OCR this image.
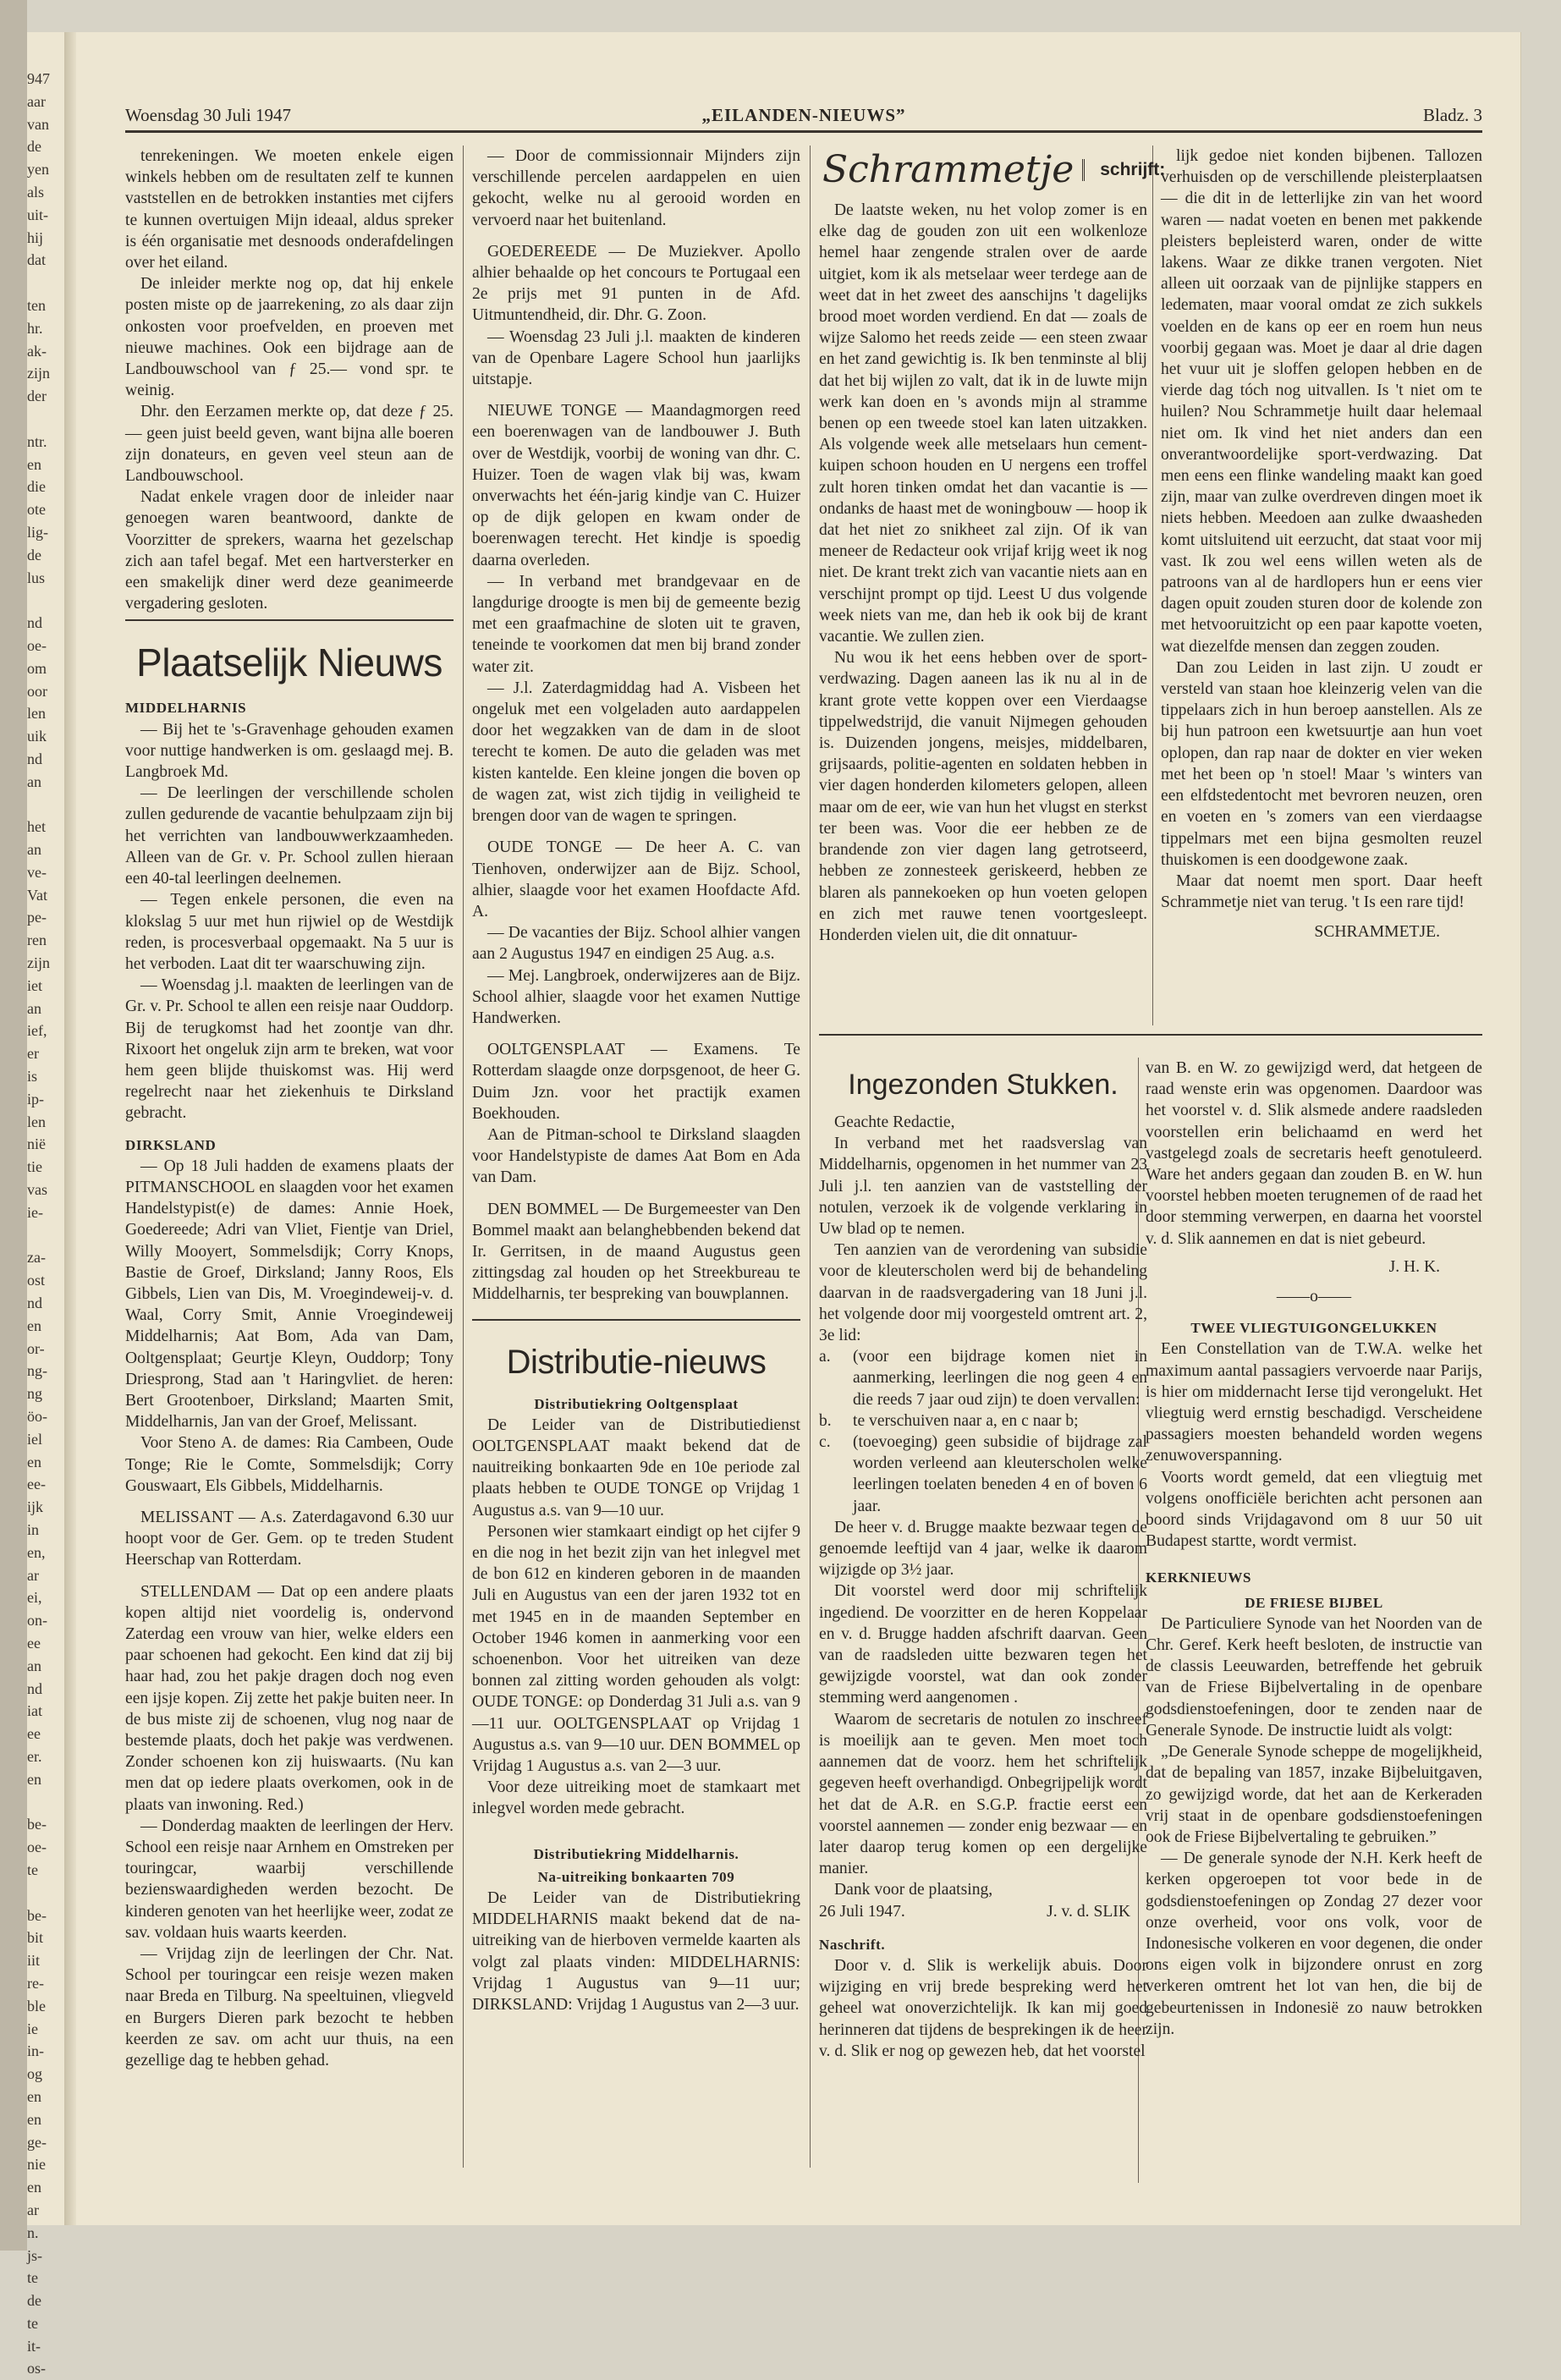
947
aar
van
de
yen
als
uit-
hij
dat
ten
hr.
ak-
zijn
der
ntr.
en
die
ote
lig-
de
lus
nd
oe-
om
oor
len
uik
nd
an
het
an
ve-
Vat
pe-
ren
zijn
iet
an
ief,
er
is
ip-
len
nië
tie
vas
ie-
za-
ost
nd
en
or-
ng-
ng
öo-
iel
en
ee-
ijk
in
en,
ar
ei,
on-
ee
an
nd
iat
ee
er.
en
be-
oe-
te
be-
bit
iit
re-
ble
ie
in-
og
en
en
ge-
nie
en
ar
n.
js-
te
de
te
it-
os-
Woensdag 30 Juli 1947	„EILANDEN-NIEUWS”	Bladz. 3

tenrekeningen. We moeten enkele eigen winkels hebben om de resultaten zelf te kunnen vaststellen en de betrokken instanties met cijfers te kunnen overtuigen Mijn ideaal, aldus spreker is één organisatie met desnoods onderafdelingen over het eiland.

De inleider merkte nog op, dat hij enkele posten miste op de jaarrekening, zo als daar zijn onkosten voor proefvelden, en proeven met nieuwe machines. Ook een bijdrage aan de Landbouwschool van ƒ 25.— vond spr. te weinig.

Dhr. den Eerzamen merkte op, dat deze ƒ 25.— geen juist beeld geven, want bijna alle boeren zijn donateurs, en geven veel steun aan de Landbouwschool.

Nadat enkele vragen door de inleider naar genoegen waren beantwoord, dankte de Voorzitter de sprekers, waarna het gezelschap zich aan tafel begaf. Met een hartversterker en een smakelijk diner werd deze geanimeerde vergadering gesloten.

Plaatselijk Nieuws
MIDDELHARNIS

— Bij het te 's-Gravenhage gehouden examen voor nuttige handwerken is om. geslaagd mej. B. Langbroek Md.

— De leerlingen der verschillende scholen zullen gedurende de vacantie behulpzaam zijn bij het verrichten van landbouwwerkzaamheden. Alleen van de Gr. v. Pr. School zullen hieraan een 40-tal leerlingen deelnemen.

— Tegen enkele personen, die even na klokslag 5 uur met hun rijwiel op de Westdijk reden, is procesverbaal opgemaakt. Na 5 uur is het verboden. Laat dit ter waarschuwing zijn.

— Woensdag j.l. maakten de leerlingen van de Gr. v. Pr. School te allen een reisje naar Ouddorp. Bij de terugkomst had het zoontje van dhr. Rixoort het ongeluk zijn arm te breken, wat voor hem geen blijde thuiskomst was. Hij werd regelrecht naar het ziekenhuis te Dirksland gebracht.

DIRKSLAND

— Op 18 Juli hadden de examens plaats der PITMANSCHOOL en slaagden voor het examen Handelstypist(e) de dames: Annie Hoek, Goedereede; Adri van Vliet, Fientje van Driel, Willy Mooyert, Sommelsdijk; Corry Knops, Bastie de Groef, Dirksland; Janny Roos, Els Gibbels, Lien van Dis, M. Vroegindeweij-v. d. Waal, Corry Smit, Annie Vroegindeweij Middelharnis; Aat Bom, Ada van Dam, Ooltgensplaat; Geurtje Kleyn, Ouddorp; Tony Driesprong, Stad aan 't Haringvliet. de heren: Bert Grootenboer, Dirksland; Maarten Smit, Middelharnis, Jan van der Groef, Melissant.

Voor Steno A. de dames: Ria Cambeen, Oude Tonge; Rie le Comte, Sommelsdijk; Corry Gouswaart, Els Gibbels, Middelharnis.

MELISSANT — A.s. Zaterdagavond 6.30 uur hoopt voor de Ger. Gem. op te treden Student Heerschap van Rotterdam.

STELLENDAM — Dat op een andere plaats kopen altijd niet voordelig is, ondervond Zaterdag een vrouw van hier, welke elders een paar schoenen had gekocht. Een kind dat zij bij haar had, zou het pakje dragen doch nog even een ijsje kopen. Zij zette het pakje buiten neer. In de bus miste zij de schoenen, vlug nog naar de bestemde plaats, doch het pakje was verdwenen. Zonder schoenen kon zij huiswaarts. (Nu kan men dat op iedere plaats overkomen, ook in de plaats van inwoning. Red.)

— Donderdag maakten de leerlingen der Herv. School een reisje naar Arnhem en Omstreken per touringcar, waarbij verschillende bezienswaardigheden werden bezocht. De kinderen genoten van het heerlijke weer, zodat ze sav. voldaan huis waarts keerden.

— Vrijdag zijn de leerlingen der Chr. Nat. School per touringcar een reisje wezen maken naar Breda en Tilburg. Na speeltuinen, vliegveld en Burgers Dieren park bezocht te hebben keerden ze sav. om acht uur thuis, na een gezellige dag te hebben gehad.

— Door de commissionnair Mijnders zijn verschillende percelen aardappelen en uien gekocht, welke nu al gerooid worden en vervoerd naar het buitenland.

GOEDEREEDE — De Muziekver. Apollo alhier behaalde op het concours te Portugaal een 2e prijs met 91 punten in de Afd. Uitmuntendheid, dir. Dhr. G. Zoon.

— Woensdag 23 Juli j.l. maakten de kinderen van de Openbare Lagere School hun jaarlijks uitstapje.

NIEUWE TONGE — Maandagmorgen reed een boerenwagen van de landbouwer J. Buth over de Westdijk, voorbij de woning van dhr. C. Huizer. Toen de wagen vlak bij was, kwam onverwachts het één-jarig kindje van C. Huizer op de dijk gelopen en kwam onder de boerenwagen terecht. Het kindje is spoedig daarna overleden.

— In verband met brandgevaar en de langdurige droogte is men bij de gemeente bezig met een graafmachine de sloten uit te graven, teneinde te voorkomen dat men bij brand zonder water zit.

— J.l. Zaterdagmiddag had A. Visbeen het ongeluk met een volgeladen auto aardappelen door het wegzakken van de dam in de sloot terecht te komen. De auto die geladen was met kisten kantelde. Een kleine jongen die boven op de wagen zat, wist zich tijdig in veiligheid te brengen door van de wagen te springen.

OUDE TONGE — De heer A. C. van Tienhoven, onderwijzer aan de Bijz. School, alhier, slaagde voor het examen Hoofdacte Afd. A.

— De vacanties der Bijz. School alhier vangen aan 2 Augustus 1947 en eindigen 25 Aug. a.s.

— Mej. Langbroek, onderwijzeres aan de Bijz. School alhier, slaagde voor het examen Nuttige Handwerken.

OOLTGENSPLAAT — Examens. Te Rotterdam slaagde onze dorpsgenoot, de heer G. Duim Jzn. voor het practijk examen Boekhouden.

Aan de Pitman-school te Dirksland slaagden voor Handelstypiste de dames Aat Bom en Ada van Dam.

DEN BOMMEL — De Burgemeester van Den Bommel maakt aan belanghebbenden bekend dat Ir. Gerritsen, in de maand Augustus geen zittingsdag zal houden op het Streekbureau te Middelharnis, ter bespreking van bouwplannen.

Distributie-nieuws
Distributiekring Ooltgensplaat

De Leider van de Distributiedienst OOLTGENSPLAAT maakt bekend dat de nauitreiking bonkaarten 9de en 10e periode zal plaats hebben te OUDE TONGE op Vrijdag 1 Augustus a.s. van 9—10 uur.

Personen wier stamkaart eindigt op het cijfer 9 en die nog in het bezit zijn van het inlegvel met de bon 612 en kinderen geboren in de maanden Juli en Augustus van een der jaren 1932 tot en met 1945 en in de maanden September en October 1946 komen in aanmerking voor een schoenenbon. Voor het uitreiken van deze bonnen zal zitting worden gehouden als volgt: OUDE TONGE: op Donderdag 31 Juli a.s. van 9—11 uur. OOLTGENSPLAAT op Vrijdag 1 Augustus a.s. van 9—10 uur. DEN BOMMEL op Vrijdag 1 Augustus a.s. van 2—3 uur.

Voor deze uitreiking moet de stamkaart met inlegvel worden mede gebracht.

Distributiekring Middelharnis.
Na-uitreiking bonkaarten 709

De Leider van de Distributiekring MIDDELHARNIS maakt bekend dat de na-uitreiking van de hierboven vermelde kaarten als volgt zal plaats vinden: MIDDELHARNIS: Vrijdag 1 Augustus van 9—11 uur; DIRKSLAND: Vrijdag 1 Augustus van 2—3 uur.

Schrammetje	schrijft:

De laatste weken, nu het volop zomer is en elke dag de gouden zon uit een wolkenloze hemel haar zengende stralen over de aarde uitgiet, kom ik als metselaar weer terdege aan de weet dat in het zweet des aanschijns 't dagelijks brood moet worden verdiend. En dat — zoals de wijze Salomo het reeds zeide — een steen zwaar en het zand gewichtig is. Ik ben tenminste al blij dat het bij wijlen zo valt, dat ik in de luwte mijn werk kan doen en 's avonds mijn al stramme benen op een tweede stoel kan laten uitzakken. Als volgende week alle metselaars hun cement-kuipen schoon houden en U nergens een troffel zult horen tinken omdat het dan vacantie is — ondanks de haast met de woningbouw — hoop ik dat het niet zo snikheet zal zijn. Of ik van meneer de Redacteur ook vrijaf krijg weet ik nog niet. De krant trekt zich van vacantie niets aan en verschijnt prompt op tijd. Leest U dus volgende week niets van me, dan heb ik ook bij de krant vacantie. We zullen zien.

Nu wou ik het eens hebben over de sport-verdwazing. Dagen aaneen las ik nu al in de krant grote vette koppen over een Vierdaagse tippelwedstrijd, die vanuit Nijmegen gehouden is. Duizenden jongens, meisjes, middelbaren, grijsaards, politie-agenten en soldaten hebben in vier dagen honderden kilometers gelopen, alleen maar om de eer, wie van hun het vlugst en sterkst ter been was. Voor die eer hebben ze de brandende zon vier dagen lang getrotseerd, hebben ze zonnesteek geriskeerd, hebben ze blaren als pannekoeken op hun voeten gelopen en zich met rauwe tenen voortgesleept. Honderden vielen uit, die dit onnatuur-

lijk gedoe niet konden bijbenen. Tallozen verhuisden op de verschillende pleisterplaatsen — die dit in de letterlijke zin van het woord waren — nadat voeten en benen met pakkende pleisters bepleisterd waren, onder de witte lakens. Waar ze dikke tranen vergoten. Niet alleen uit oorzaak van de pijnlijke stappers en ledematen, maar vooral omdat ze zich sukkels voelden en de kans op eer en roem hun neus voorbij gegaan was. Moet je daar al drie dagen het vuur uit je sloffen gelopen hebben en de vierde dag tóch nog uitvallen. Is 't niet om te huilen? Nou Schrammetje huilt daar helemaal niet om. Ik vind het niet anders dan een onverantwoordelijke sport-verdwazing. Dat men eens een flinke wandeling maakt kan goed zijn, maar van zulke overdreven dingen moet ik niets hebben. Meedoen aan zulke dwaasheden komt uitsluitend uit eerzucht, dat staat voor mij vast. Ik zou wel eens willen weten als de patroons van al de hardlopers hun er eens vier dagen opuit zouden sturen door de kolende zon met hetvooruitzicht op een paar kapotte voeten, wat diezelfde mensen dan zeggen zouden.

Dan zou Leiden in last zijn. U zoudt er versteld van staan hoe kleinzerig velen van die tippelaars zich in hun beroep aanstellen. Als ze bij hun patroon een kwetsuurtje aan hun voet oplopen, dan rap naar de dokter en vier weken met het been op 'n stoel! Maar 's winters van een elfdstedentocht met bevroren neuzen, oren en voeten en 's zomers van een vierdaagse tippelmars met een bijna gesmolten reuzel thuiskomen is een doodgewone zaak.

Maar dat noemt men sport. Daar heeft Schrammetje niet van terug. 't Is een rare tijd!

SCHRAMMETJE.
Ingezonden Stukken.

Geachte Redactie,

In verband met het raadsverslag van Middelharnis, opgenomen in het nummer van 23 Juli j.l. ten aanzien van de vaststelling der notulen, verzoek ik de volgende verklaring in Uw blad op te nemen.

Ten aanzien van de verordening van subsidie voor de kleuterscholen werd bij de behandeling daarvan in de raadsvergadering van 18 Juni j.l. het volgende door mij voorgesteld omtrent art. 2, 3e lid:

a.	(voor een bijdrage komen niet in aanmerking, leerlingen die nog geen 4 en die reeds 7 jaar oud zijn) te doen vervallen:
b.	te verschuiven naar a, en c naar b;
c.	(toevoeging) geen subsidie of bijdrage zal worden verleend aan kleuterscholen welke leerlingen toelaten beneden 4 en of boven 6 jaar.

De heer v. d. Brugge maakte bezwaar tegen de genoemde leeftijd van 4 jaar, welke ik daarom wijzigde op 3½ jaar.

Dit voorstel werd door mij schriftelijk ingediend. De voorzitter en de heren Koppelaar en v. d. Brugge hadden afschrift daarvan. Geen van de raadsleden uitte bezwaren tegen het gewijzigde voorstel, wat dan ook zonder stemming werd aangenomen .

Waarom de secretaris de notulen zo inschreef is moeilijk aan te geven. Men moet toch aannemen dat de voorz. hem het schriftelijk gegeven heeft overhandigd. Onbegrijpelijk wordt het dat de A.R. en S.G.P. fractie eerst een voorstel aannemen — zonder enig bezwaar — en later daarop terug komen op een dergelijke manier.

Dank voor de plaatsing,

26 Juli 1947.	J. v. d. SLIK
Naschrift.

Door v. d. Slik is werkelijk abuis. Door wijziging en vrij brede bespreking werd het geheel wat onoverzichtelijk. Ik kan mij goed herinneren dat tijdens de besprekingen ik de heer v. d. Slik er nog op gewezen heb, dat het voorstel

van B. en W. zo gewijzigd werd, dat hetgeen de raad wenste erin was opgenomen. Daardoor was het voorstel v. d. Slik alsmede andere raadsleden voorstellen erin belichaamd en werd het vastgelegd zoals de secretaris heeft genotuleerd. Ware het anders gegaan dan zouden B. en W. hun voorstel hebben moeten terugnemen of de raad het door stemming verwerpen, en daarna het voorstel v. d. Slik aannemen en dat is niet gebeurd.

J. H. K.
——o——
TWEE VLIEGTUIGONGELUKKEN

Een Constellation van de T.W.A. welke het maximum aantal passagiers vervoerde naar Parijs, is hier om middernacht Ierse tijd verongelukt. Het vliegtuig werd ernstig beschadigd. Verscheidene passagiers moesten behandeld worden wegens zenuwoverspanning.

Voorts wordt gemeld, dat een vliegtuig met volgens onofficiële berichten acht personen aan boord sinds Vrijdagavond om 8 uur 50 uit Budapest startte, wordt vermist.

KERKNIEUWS
DE FRIESE BIJBEL

De Particuliere Synode van het Noorden van de Chr. Geref. Kerk heeft besloten, de instructie van de classis Leeuwarden, betreffende het gebruik van de Friese Bijbelvertaling in de openbare godsdienstoefeningen, door te zenden naar de Generale Synode. De instructie luidt als volgt:

„De Generale Synode scheppe de mogelijkheid, dat de bepaling van 1857, inzake Bijbeluitgaven, zo gewijzigd worde, dat het aan de Kerkeraden vrij staat in de openbare godsdienstoefeningen ook de Friese Bijbelvertaling te gebruiken.”

— De generale synode der N.H. Kerk heeft de kerken opgeroepen tot voor bede in de godsdienstoefeningen op Zondag 27 dezer voor onze overheid, voor ons volk, voor de Indonesische volkeren en voor degenen, die onder ons eigen volk in bijzondere onrust en zorg verkeren omtrent het lot van hen, die bij de gebeurtenissen in Indonesië zo nauw betrokken zijn.
